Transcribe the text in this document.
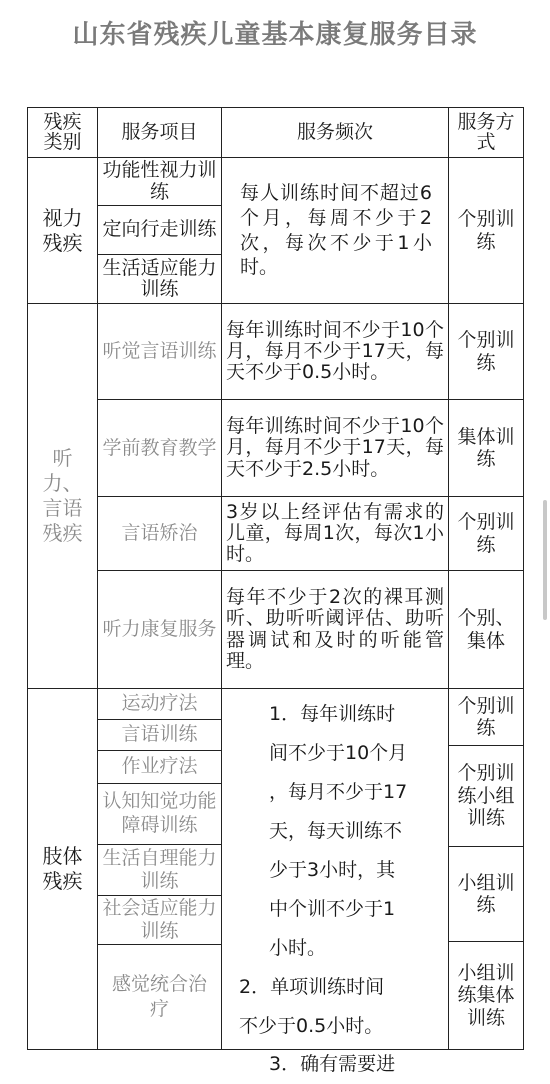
山东省残疾儿童基本康复服务目录
残疾类别 服务项目	服务频次	服务方式
视力残疾
功能性视力训练
定向行走训练
生活适应能力训练
每人训练时间不超过6个月，每周不少于2次，每次不少于1小时。
个别训练
听力、言语残疾
听觉言语训练
每年训练时间不少于10个月，每月不少于17天，每天不少于0.5小时。
个别训练
学前教育教学
每年训练时间不少于10个月，每月不少于17天，每天不少于2.5小时。
集体训练
言语矫治
3岁以上经评估有需求的儿童，每周1次，每次1小时。
个别训练
听力康复服务
每年不少于2次的裸耳测听、助听听阈评估、助听器调试和及时的听能管理。
个别、集体
肢体残疾
运动疗法
言语训练
作业疗法
认知知觉功能障碍训练
生活自理能力训练
社会适应能力训练
感觉统合治疗
1．每年训练时
间不少于10个月
，每月不少于17
天，每天训练不
少于3小时，其
中个训不少于1
小时。
2．单项训练时间
不少于0.5小时。
3．确有需要进
个别训练
个别训练小组训练
小组训练
小组训练集体训练
